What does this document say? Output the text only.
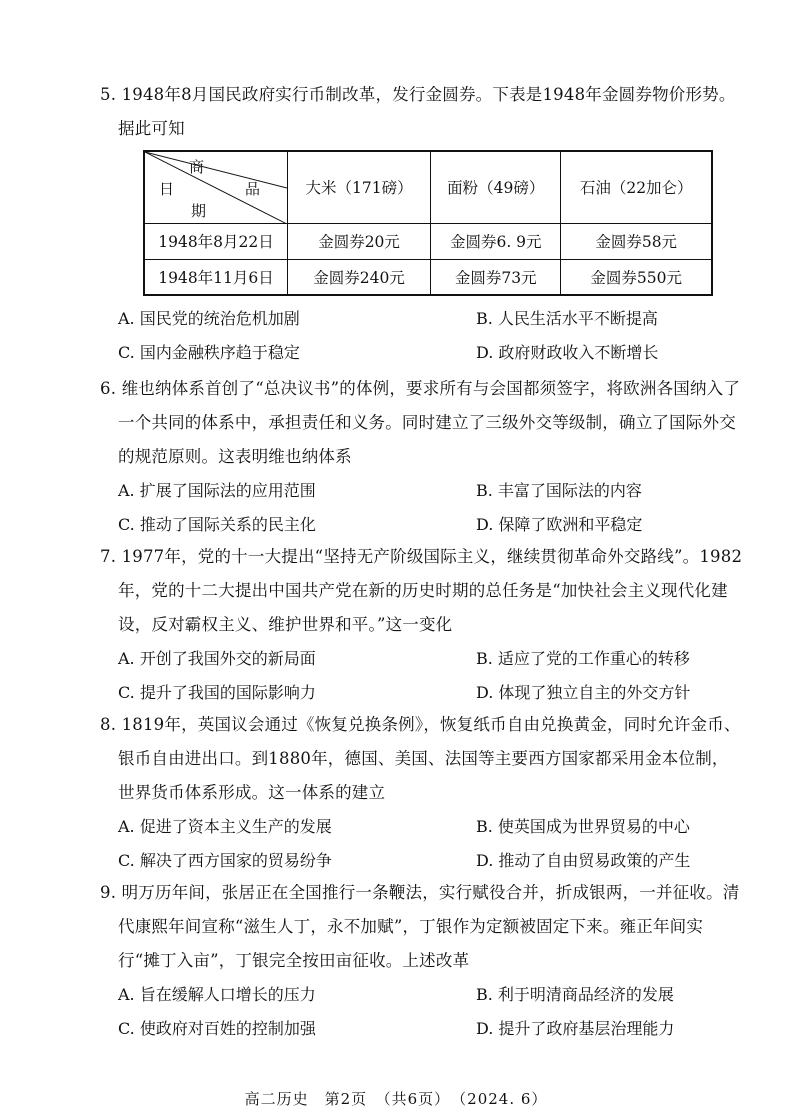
5. 1948年8月国民政府实行币制改革，发行金圆券。下表是1948年金圆券物价形势。据此可知

商
日 品
期	大米（171磅）	面粉（49磅）	石油（22加仑）
1948年8月22日	金圆券20元	金圆券6. 9元	金圆券58元
1948年11月6日	金圆券240元	金圆券73元	金圆券550元
A. 国民党的统治危机加剧	B. 人民生活水平不断提高
C. 国内金融秩序趋于稳定	D. 政府财政收入不断增长

6. 维也纳体系首创了“总决议书”的体例，要求所有与会国都须签字，将欧洲各国纳入了一个共同的体系中，承担责任和义务。同时建立了三级外交等级制，确立了国际外交的规范原则。这表明维也纳体系

A. 扩展了国际法的应用范围	B. 丰富了国际法的内容
C. 推动了国际关系的民主化	D. 保障了欧洲和平稳定

7. 1977年，党的十一大提出“坚持无产阶级国际主义，继续贯彻革命外交路线”。1982年，党的十二大提出中国共产党在新的历史时期的总任务是“加快社会主义现代化建设，反对霸权主义、维护世界和平。”这一变化

A. 开创了我国外交的新局面	B. 适应了党的工作重心的转移
C. 提升了我国的国际影响力	D. 体现了独立自主的外交方针

8. 1819年，英国议会通过《恢复兑换条例》，恢复纸币自由兑换黄金，同时允许金币、银币自由进出口。到1880年，德国、美国、法国等主要西方国家都采用金本位制，世界货币体系形成。这一体系的建立

A. 促进了资本主义生产的发展	B. 使英国成为世界贸易的中心
C. 解决了西方国家的贸易纷争	D. 推动了自由贸易政策的产生

9. 明万历年间，张居正在全国推行一条鞭法，实行赋役合并，折成银两，一并征收。清代康熙年间宣称“滋生人丁，永不加赋”，丁银作为定额被固定下来。雍正年间实行“摊丁入亩”，丁银完全按田亩征收。上述改革

A. 旨在缓解人口增长的压力	B. 利于明清商品经济的发展
C. 使政府对百姓的控制加强	D. 提升了政府基层治理能力
高二历史　第2页　（共6页）　（2024. 6）
